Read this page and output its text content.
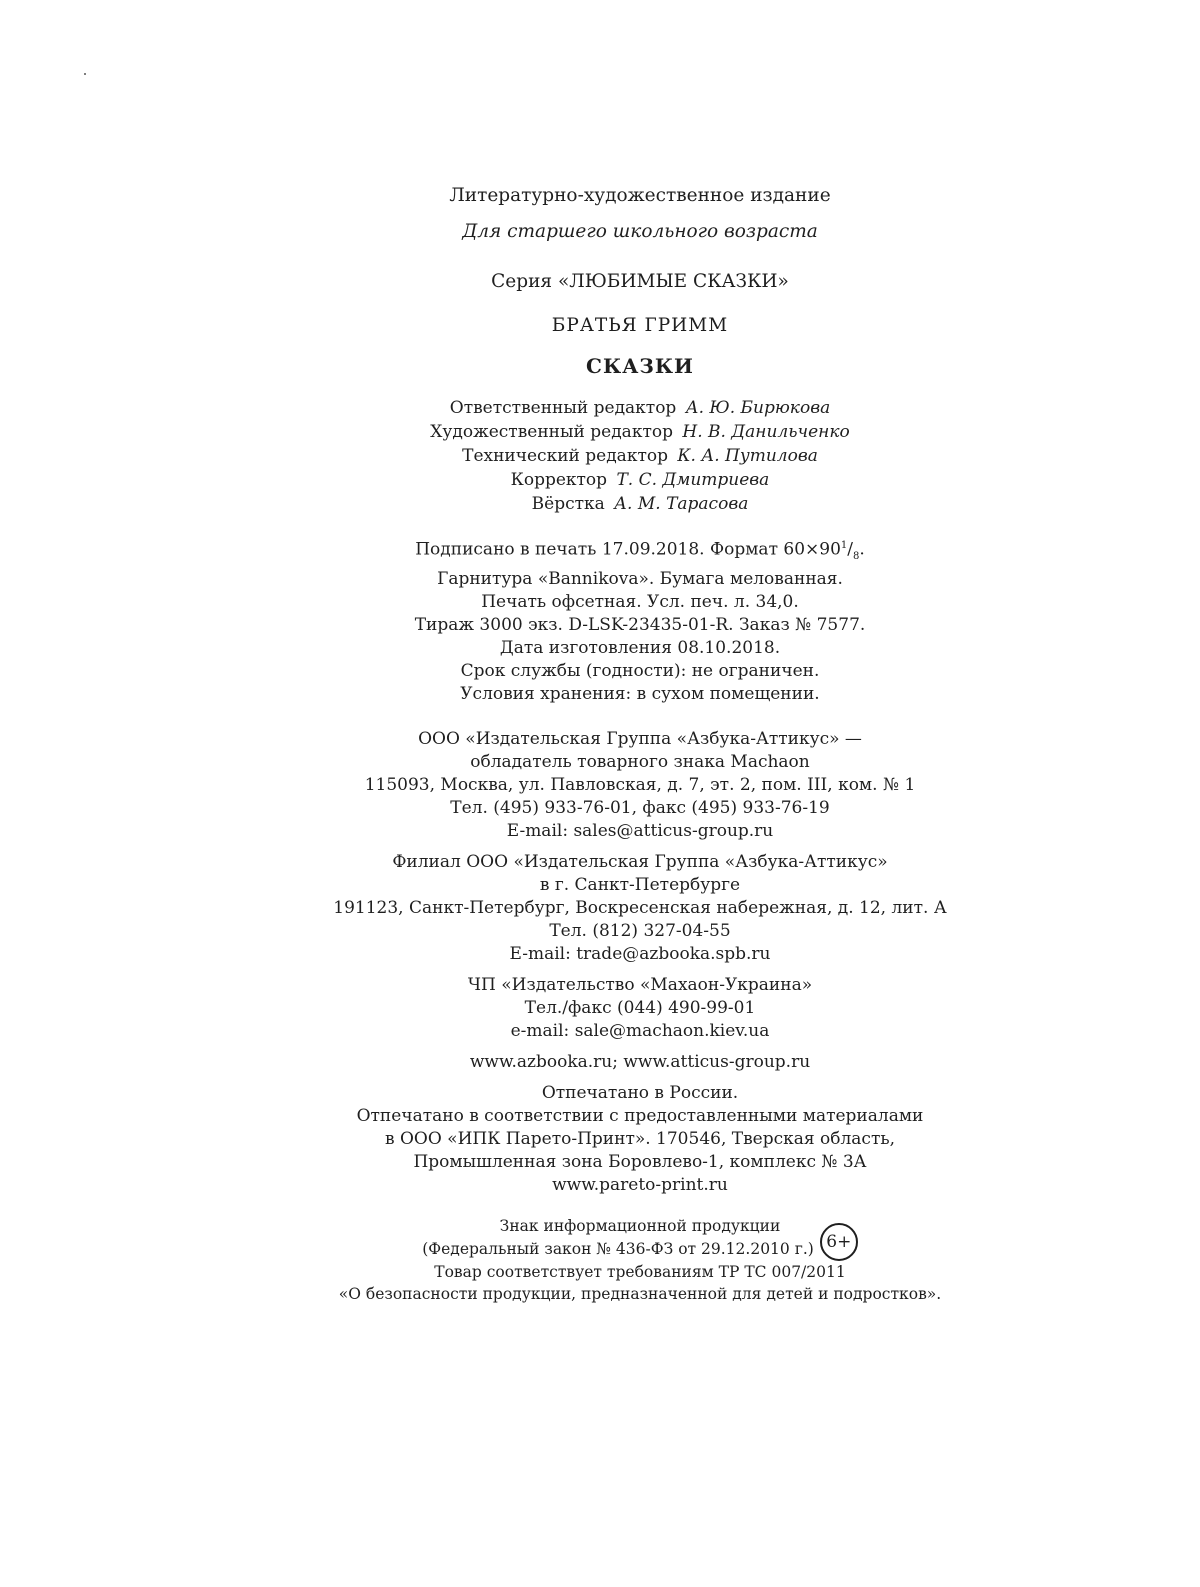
Литературно-художественное издание
Для старшего школьного возраста
Серия «ЛЮБИМЫЕ СКАЗКИ»
БРАТЬЯ ГРИММ
СКАЗКИ
Ответственный редактор А. Ю. Бирюкова
Художественный редактор Н. В. Данильченко
Технический редактор К. А. Путилова
Корректор Т. С. Дмитриева
Вёрстка А. М. Тарасова
Подписано в печать 17.09.2018. Формат $60\times 90^1/_8$.
Гарнитура «Bannikova». Бумага мелованная.
Печать офсетная. Усл. печ. л. 34,0.
Тираж 3000 экз. D-LSK-23435-01-R. Заказ № 7577.
Дата изготовления 08.10.2018.
Срок службы (годности): не ограничен.
Условия хранения: в сухом помещении.
ООО «Издательская Группа «Азбука-Аттикус» —
обладатель товарного знака Machaon
115093, Москва, ул. Павловская, д. 7, эт. 2, пом. III, ком. № 1
Тел. (495) 933-76-01, факс (495) 933-76-19
E-mail: sales@atticus-group.ru
Филиал ООО «Издательская Группа «Азбука-Аттикус»
в г. Санкт-Петербурге
191123, Санкт-Петербург, Воскресенская набережная, д. 12, лит. А
Тел. (812) 327-04-55
E-mail: trade@azbooka.spb.ru
ЧП «Издательство «Махаон-Украина»
Тел./факс (044) 490-99-01
e-mail: sale@machaon.kiev.ua
www.azbooka.ru; www.atticus-group.ru
Отпечатано в России.
Отпечатано в соответствии с предоставленными материалами
в ООО «ИПК Парето-Принт». 170546, Тверская область,
Промышленная зона Боровлево-1, комплекс № 3А
www.pareto-print.ru
Знак информационной продукции
(Федеральный закон № 436-ФЗ от 29.12.2010 г.) 6+
Товар соответствует требованиям ТР ТС 007/2011
«О безопасности продукции, предназначенной для детей и подростков».
